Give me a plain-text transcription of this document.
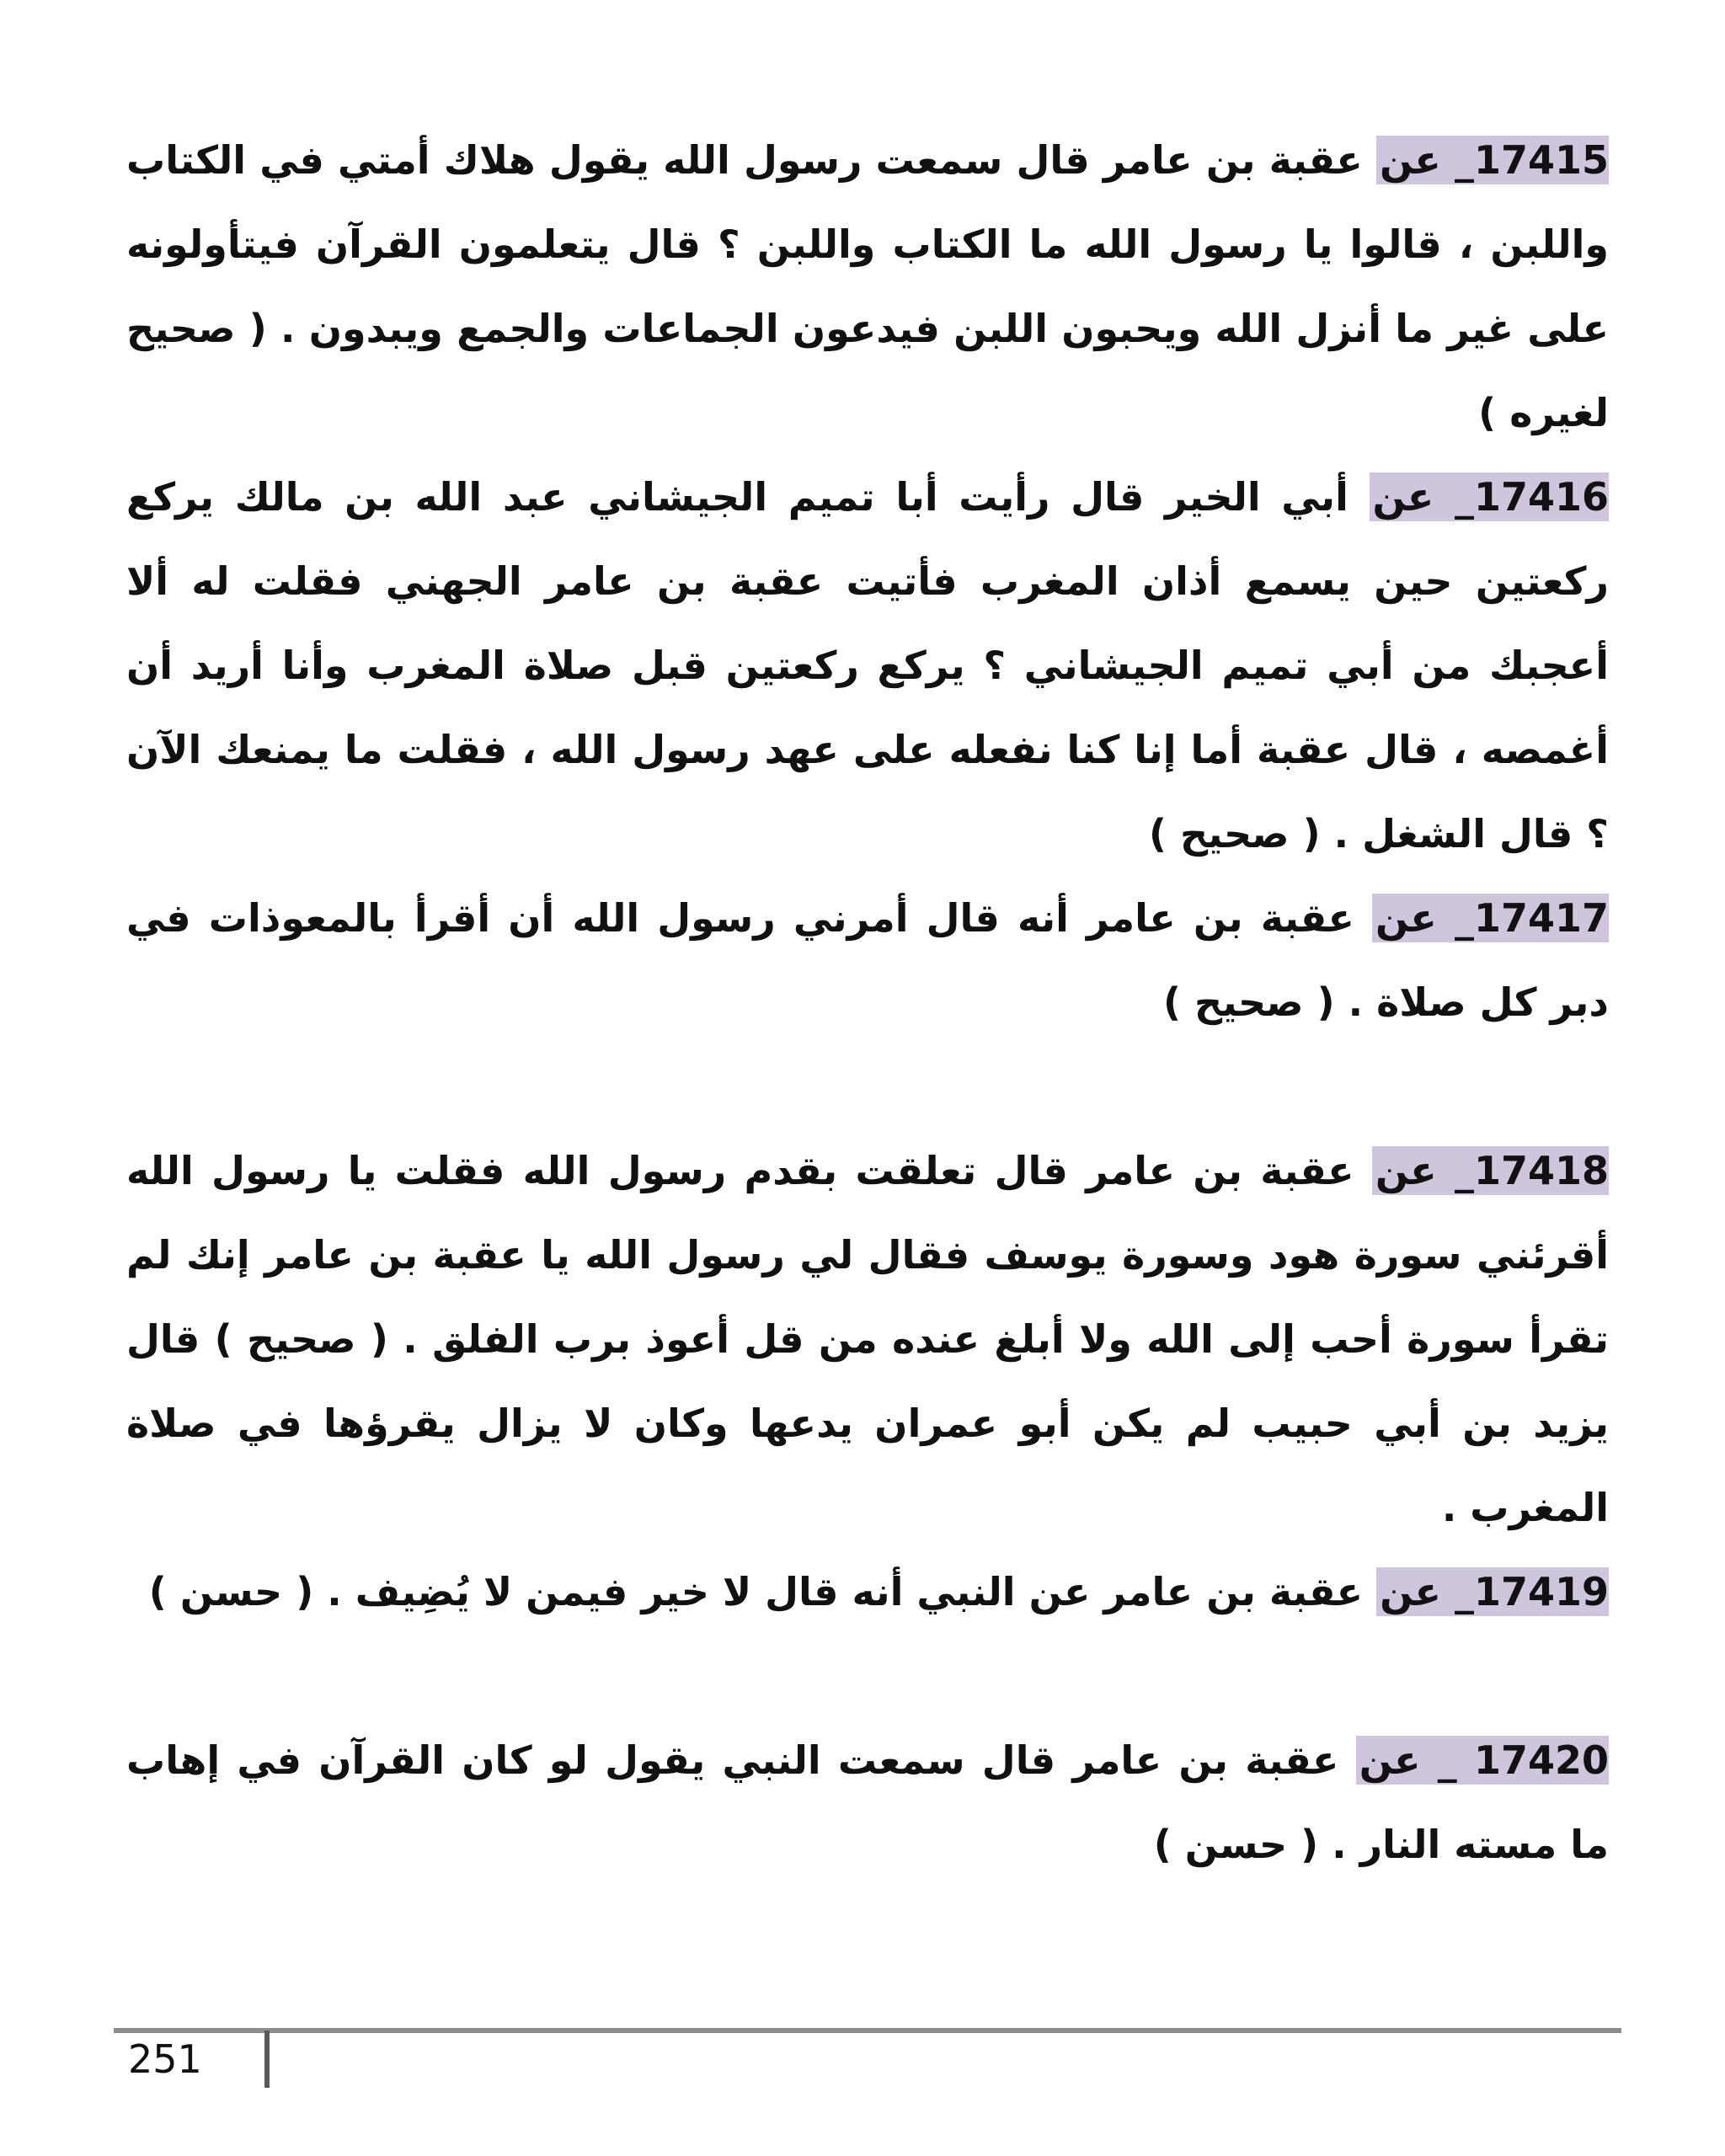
17415_ عن عقبة بن عامر قال سمعت رسول الله يقول هلاك أمتي في الكتاب واللبن ، قالوا يا رسول الله ما الكتاب واللبن ؟ قال يتعلمون القرآن فيتأولونه على غير ما أنزل الله ويحبون اللبن فيدعون الجماعات والجمع ويبدون . ( صحيح لغيره )

17416_ عن أبي الخير قال رأيت أبا تميم الجيشاني عبد الله بن مالك يركع ركعتين حين يسمع أذان المغرب فأتيت عقبة بن عامر الجهني فقلت له ألا أعجبك من أبي تميم الجيشاني ؟ يركع ركعتين قبل صلاة المغرب وأنا أريد أن أغمصه ، قال عقبة أما إنا كنا نفعله على عهد رسول الله ، فقلت ما يمنعك الآن ؟ قال الشغل . ( صحيح )

17417_ عن عقبة بن عامر أنه قال أمرني رسول الله أن أقرأ بالمعوذات في دبر كل صلاة . ( صحيح )

17418_ عن عقبة بن عامر قال تعلقت بقدم رسول الله فقلت يا رسول الله أقرئني سورة هود وسورة يوسف فقال لي رسول الله يا عقبة بن عامر إنك لم تقرأ سورة أحب إلى الله ولا أبلغ عنده من قل أعوذ برب الفلق . ( صحيح ) قال يزيد بن أبي حبيب لم يكن أبو عمران يدعها وكان لا يزال يقرؤها في صلاة المغرب .

17419_ عن عقبة بن عامر عن النبي أنه قال لا خير فيمن لا يُضِيف . ( حسن )

17420 _ عن عقبة بن عامر قال سمعت النبي يقول لو كان القرآن في إهاب ما مسته النار . ( حسن )

251
